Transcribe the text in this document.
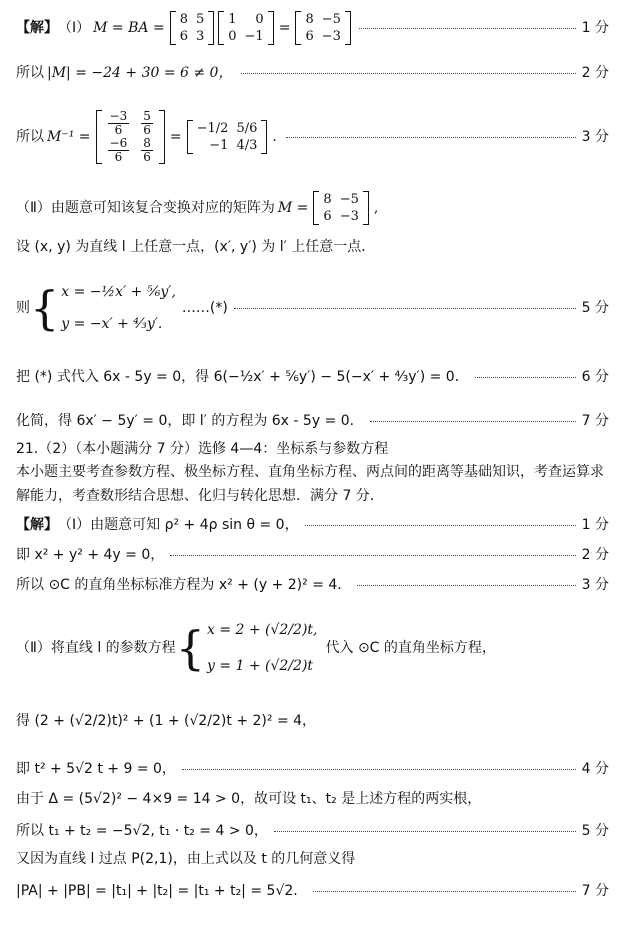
【解】 （Ⅰ） M = BA =
8	5
6	3
1	0
0	−1
=
8	−5
6	−3
1 分
所以 |M| = −24 + 30 = 6 ≠ 0，	2 分
所以 $M^{-1} = \frac{-3}{6}$	$\frac{5}{6}$

$\frac{-6}{6}$	$\frac{8}{6}$ =
−1/2	5/6
−1	4/3
.	3 分
（Ⅱ）由题意可知该复合变换对应的矩阵为 M =
8	−5
6	−3
,
设 (x, y) 为直线 l 上任意一点，(x′, y′) 为 l′ 上任意一点．
则 { x = −½x′ + ⅚y′,
y = −x′ + ⁴⁄₃y′.
……(*)	5 分
把 (*) 式代入 6x - 5y = 0，得 6(−½x′ + ⅚y′) − 5(−x′ + ⁴⁄₃y′) = 0．	6 分
化简，得 6x′ − 5y′ = 0，即 l′ 的方程为 6x - 5y = 0．	7 分
21.（2）（本小题满分 7 分）选修 4—4：坐标系与参数方程
本小题主要考查参数方程、极坐标方程、直角坐标方程、两点间的距离等基础知识，考查运算求解能力，考查数形结合思想、化归与转化思想．满分 7 分．
【解】 （Ⅰ）由题意可知 ρ² + 4ρ sin θ = 0，	1 分
即 x² + y² + 4y = 0，	2 分
所以 ⊙C 的直角坐标标准方程为 x² + (y + 2)² = 4．	3 分
（Ⅱ）将直线 l 的参数方程 { x = 2 + (√2/2)t,
y = 1 + (√2/2)t
代入 ⊙C 的直角坐标方程，
得 (2 + (√2/2)t)² + (1 + (√2/2)t + 2)² = 4，
即 t² + 5√2 t + 9 = 0，	4 分
由于 Δ = (5√2)² − 4×9 = 14 > 0，故可设 t₁、t₂ 是上述方程的两实根，
所以 t₁ + t₂ = −5√2, t₁ · t₂ = 4 > 0，	5 分
又因为直线 l 过点 P(2,1)，由上式以及 t 的几何意义得
|PA| + |PB| = |t₁| + |t₂| = |t₁ + t₂| = 5√2．	7 分
